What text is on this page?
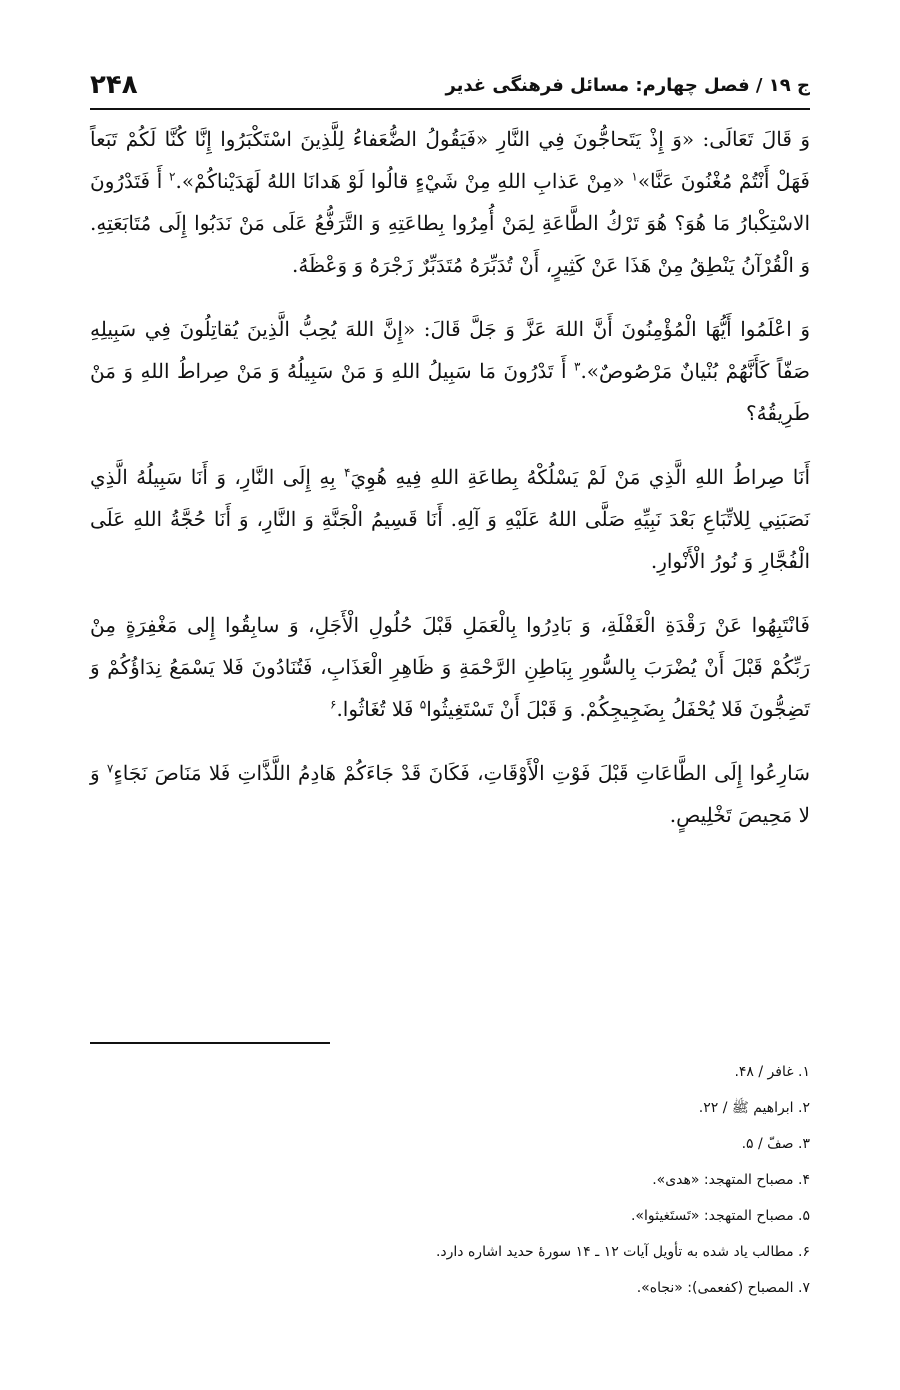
ج ۱۹ / فصل چهارم: مسائل فرهنگی غدیر
۲۴۸

وَ قَالَ تَعَالَى: «وَ إِذْ يَتَحاجُّونَ فِي النَّارِ «فَيَقُولُ الضُّعَفاءُ لِلَّذِينَ اسْتَكْبَرُوا إِنَّا كُنَّا لَكُمْ تَبَعاً فَهَلْ أَنْتُمْ مُغْنُونَ عَنَّا»$^۱$ «مِنْ عَذابِ اللهِ مِنْ شَيْءٍ قالُوا لَوْ هَدانَا اللهُ لَهَدَيْناكُمْ».$^۲$ أَ فَتَدْرُونَ الاسْتِكْبارُ مَا هُوَ؟ هُوَ تَرْكُ الطَّاعَةِ لِمَنْ أُمِرُوا بِطاعَتِهِ وَ التَّرَفُّعُ عَلَى مَنْ نَدَبُوا إِلَى مُتَابَعَتِهِ. وَ الْقُرْآنُ يَنْطِقُ مِنْ هَذَا عَنْ كَثِيرٍ، أَنْ تُدَبِّرَهُ مُتَدَبِّرٌ زَجْرَهُ وَ وَعْظَهُ.

وَ اعْلَمُوا أَيُّهَا الْمُؤْمِنُونَ أَنَّ اللهَ عَزَّ وَ جَلَّ قَالَ: «إِنَّ اللهَ يُحِبُّ الَّذِينَ يُقاتِلُونَ فِي سَبِيلِهِ صَفّاً كَأَنَّهُمْ بُنْيانٌ مَرْصُوصٌ».$^۳$ أَ تَدْرُونَ مَا سَبِيلُ اللهِ وَ مَنْ سَبِيلُهُ وَ مَنْ صِراطُ اللهِ وَ مَنْ طَرِيقُهُ؟

أَنَا صِراطُ اللهِ الَّذِي مَنْ لَمْ يَسْلُكْهُ بِطاعَةِ اللهِ فِيهِ هُوِيَ$^۴$ بِهِ إِلَى النَّارِ، وَ أَنَا سَبِيلُهُ الَّذِي نَصَبَنِي لِلاتِّبَاعِ بَعْدَ نَبِيِّهِ صَلَّى اللهُ عَلَيْهِ وَ آلِهِ. أَنَا قَسِيمُ الْجَنَّةِ وَ النَّارِ، وَ أَنَا حُجَّةُ اللهِ عَلَى الْفُجَّارِ وَ نُورُ الْأَنْوارِ.

فَانْتَبِهُوا عَنْ رَقْدَةِ الْغَفْلَةِ، وَ بَادِرُوا بِالْعَمَلِ قَبْلَ حُلُولِ الْأَجَلِ، وَ سابِقُوا إِلى مَغْفِرَةٍ مِنْ رَبِّكُمْ قَبْلَ أَنْ يُضْرَبَ بِالسُّورِ بِبَاطِنِ الرَّحْمَةِ وَ ظَاهِرِ الْعَذَابِ، فَتُنَادُونَ فَلا يَسْمَعُ نِدَاؤُكُمْ وَ تَضِجُّونَ فَلا يُحْفَلُ بِضَجِيجِكُمْ. وَ قَبْلَ أَنْ تَسْتَغِيثُوا$^۵$ فَلا تُغَاثُوا.$^۶$

سَارِعُوا إِلَى الطَّاعَاتِ قَبْلَ فَوْتِ الْأَوْقَاتِ، فَكَانَ قَدْ جَاءَكُمْ هَادِمُ اللَّذَّاتِ فَلا مَنَاصَ نَجَاءٍ$^۷$ وَ لا مَحِيصَ تَخْلِيصٍ.

۱. غافر / ۴۸.
۲. ابراهیم ﷺ / ۲۲.
۳. صفّ / ۵.
۴. مصباح المتهجد: «هدی».
۵. مصباح المتهجد: «تَستَغیثوا».
۶. مطالب یاد شده به تأویل آیات ۱۲ ـ ۱۴ سورهٔ حدید اشاره دارد.
۷. المصباح (کفعمی): «نجاه».
